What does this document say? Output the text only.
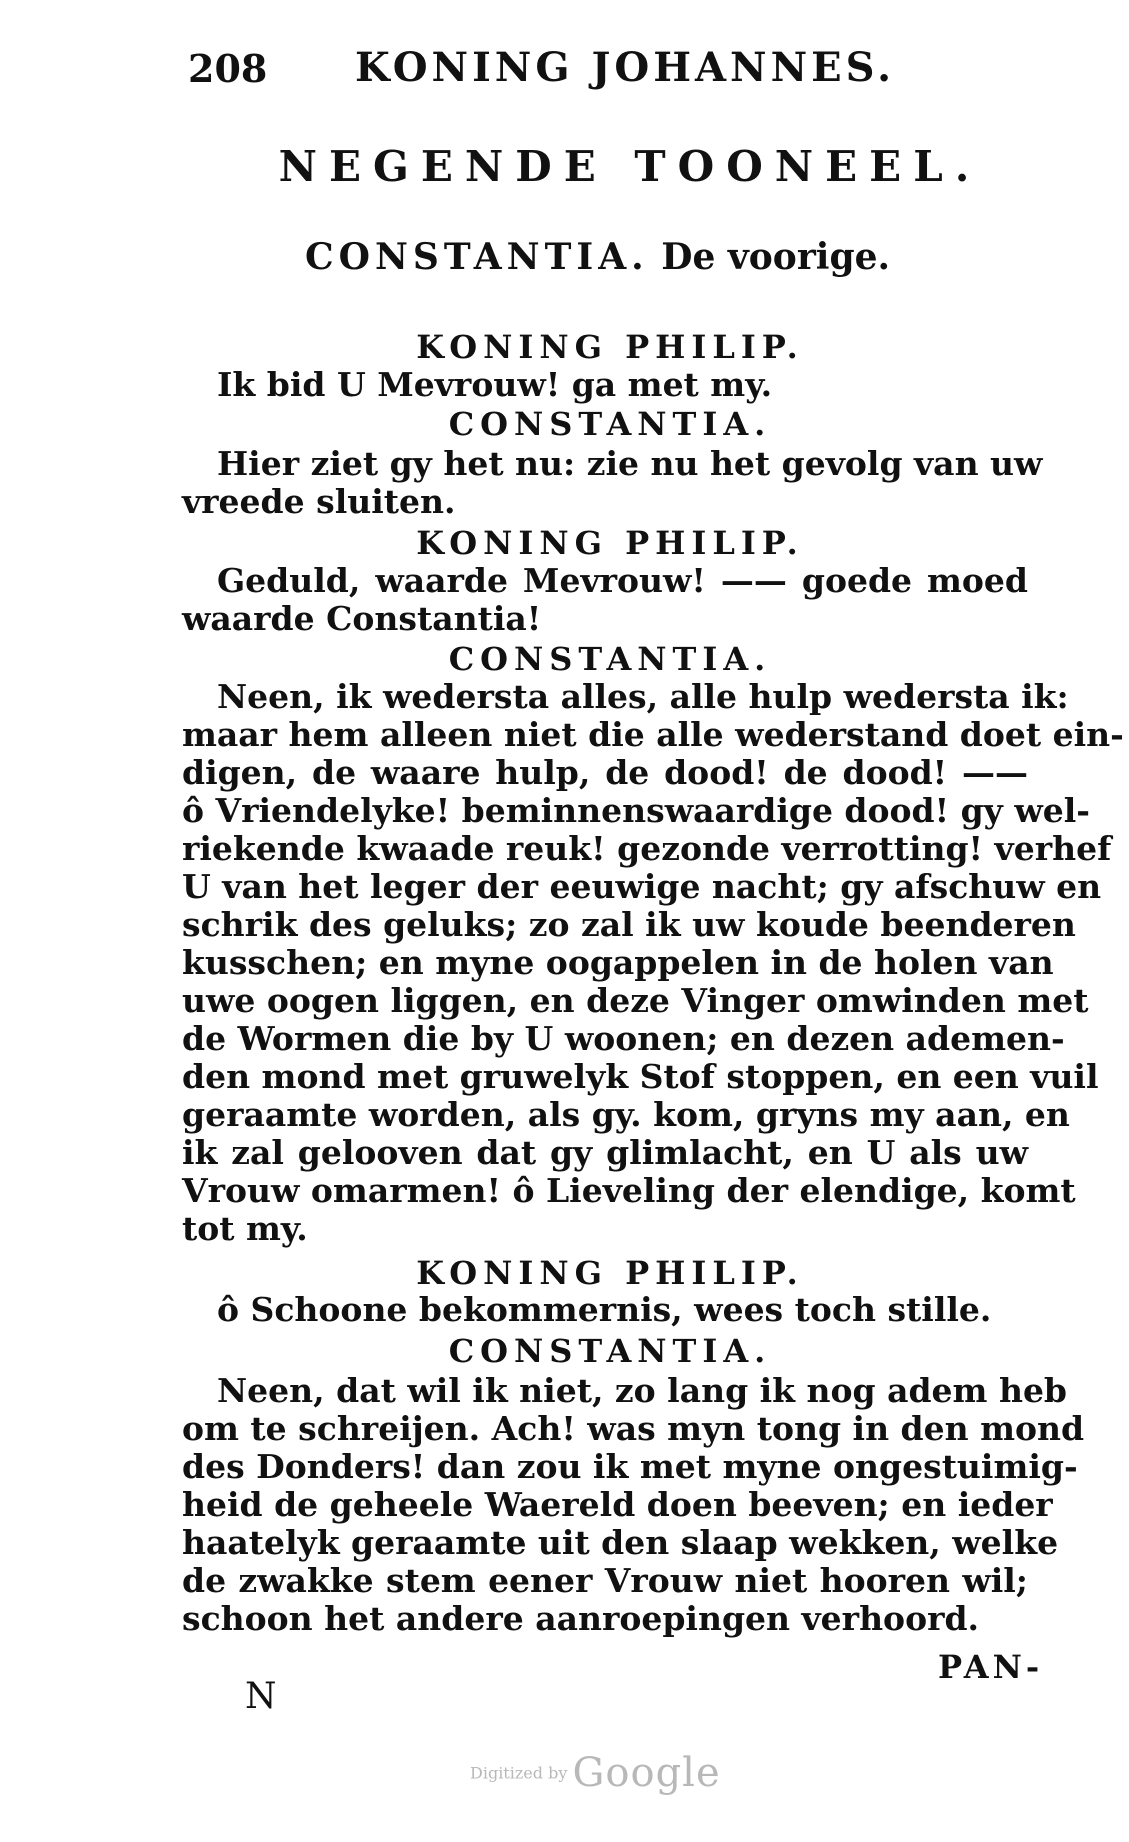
208 KONING JOHANNES.
NEGENDE TOONEEL.
CONSTANTIA. De voorige.
KONING PHILIP.
Ik bid U Mevrouw! ga met my.
CONSTANTIA.
Hier ziet gy het nu: zie nu het gevolg van uw
vreede sluiten.
KONING PHILIP.
Geduld, waarde Mevrouw! —— goede moed
waarde Constantia!
CONSTANTIA.
Neen, ik wedersta alles, alle hulp wedersta ik:
maar hem alleen niet die alle wederstand doet ein-
digen, de waare hulp, de dood! de dood! ——
ô Vriendelyke! beminnenswaardige dood! gy wel-
riekende kwaade reuk! gezonde verrotting! verhef
U van het leger der eeuwige nacht; gy afschuw en
schrik des geluks; zo zal ik uw koude beenderen
kusschen; en myne oogappelen in de holen van
uwe oogen liggen, en deze Vinger omwinden met
de Wormen die by U woonen; en dezen ademen-
den mond met gruwelyk Stof stoppen, en een vuil
geraamte worden, als gy. kom, gryns my aan, en
ik zal gelooven dat gy glimlacht, en U als uw
Vrouw omarmen! ô Lieveling der elendige, komt
tot my.
KONING PHILIP.
ô Schoone bekommernis, wees toch stille.
CONSTANTIA.
Neen, dat wil ik niet, zo lang ik nog adem heb
om te schreijen. Ach! was myn tong in den mond
des Donders! dan zou ik met myne ongestuimig-
heid de geheele Waereld doen beeven; en ieder
haatelyk geraamte uit den slaap wekken, welke
de zwakke stem eener Vrouw niet hooren wil;
schoon het andere aanroepingen verhoord.
N
PAN-
Digitized by Google
